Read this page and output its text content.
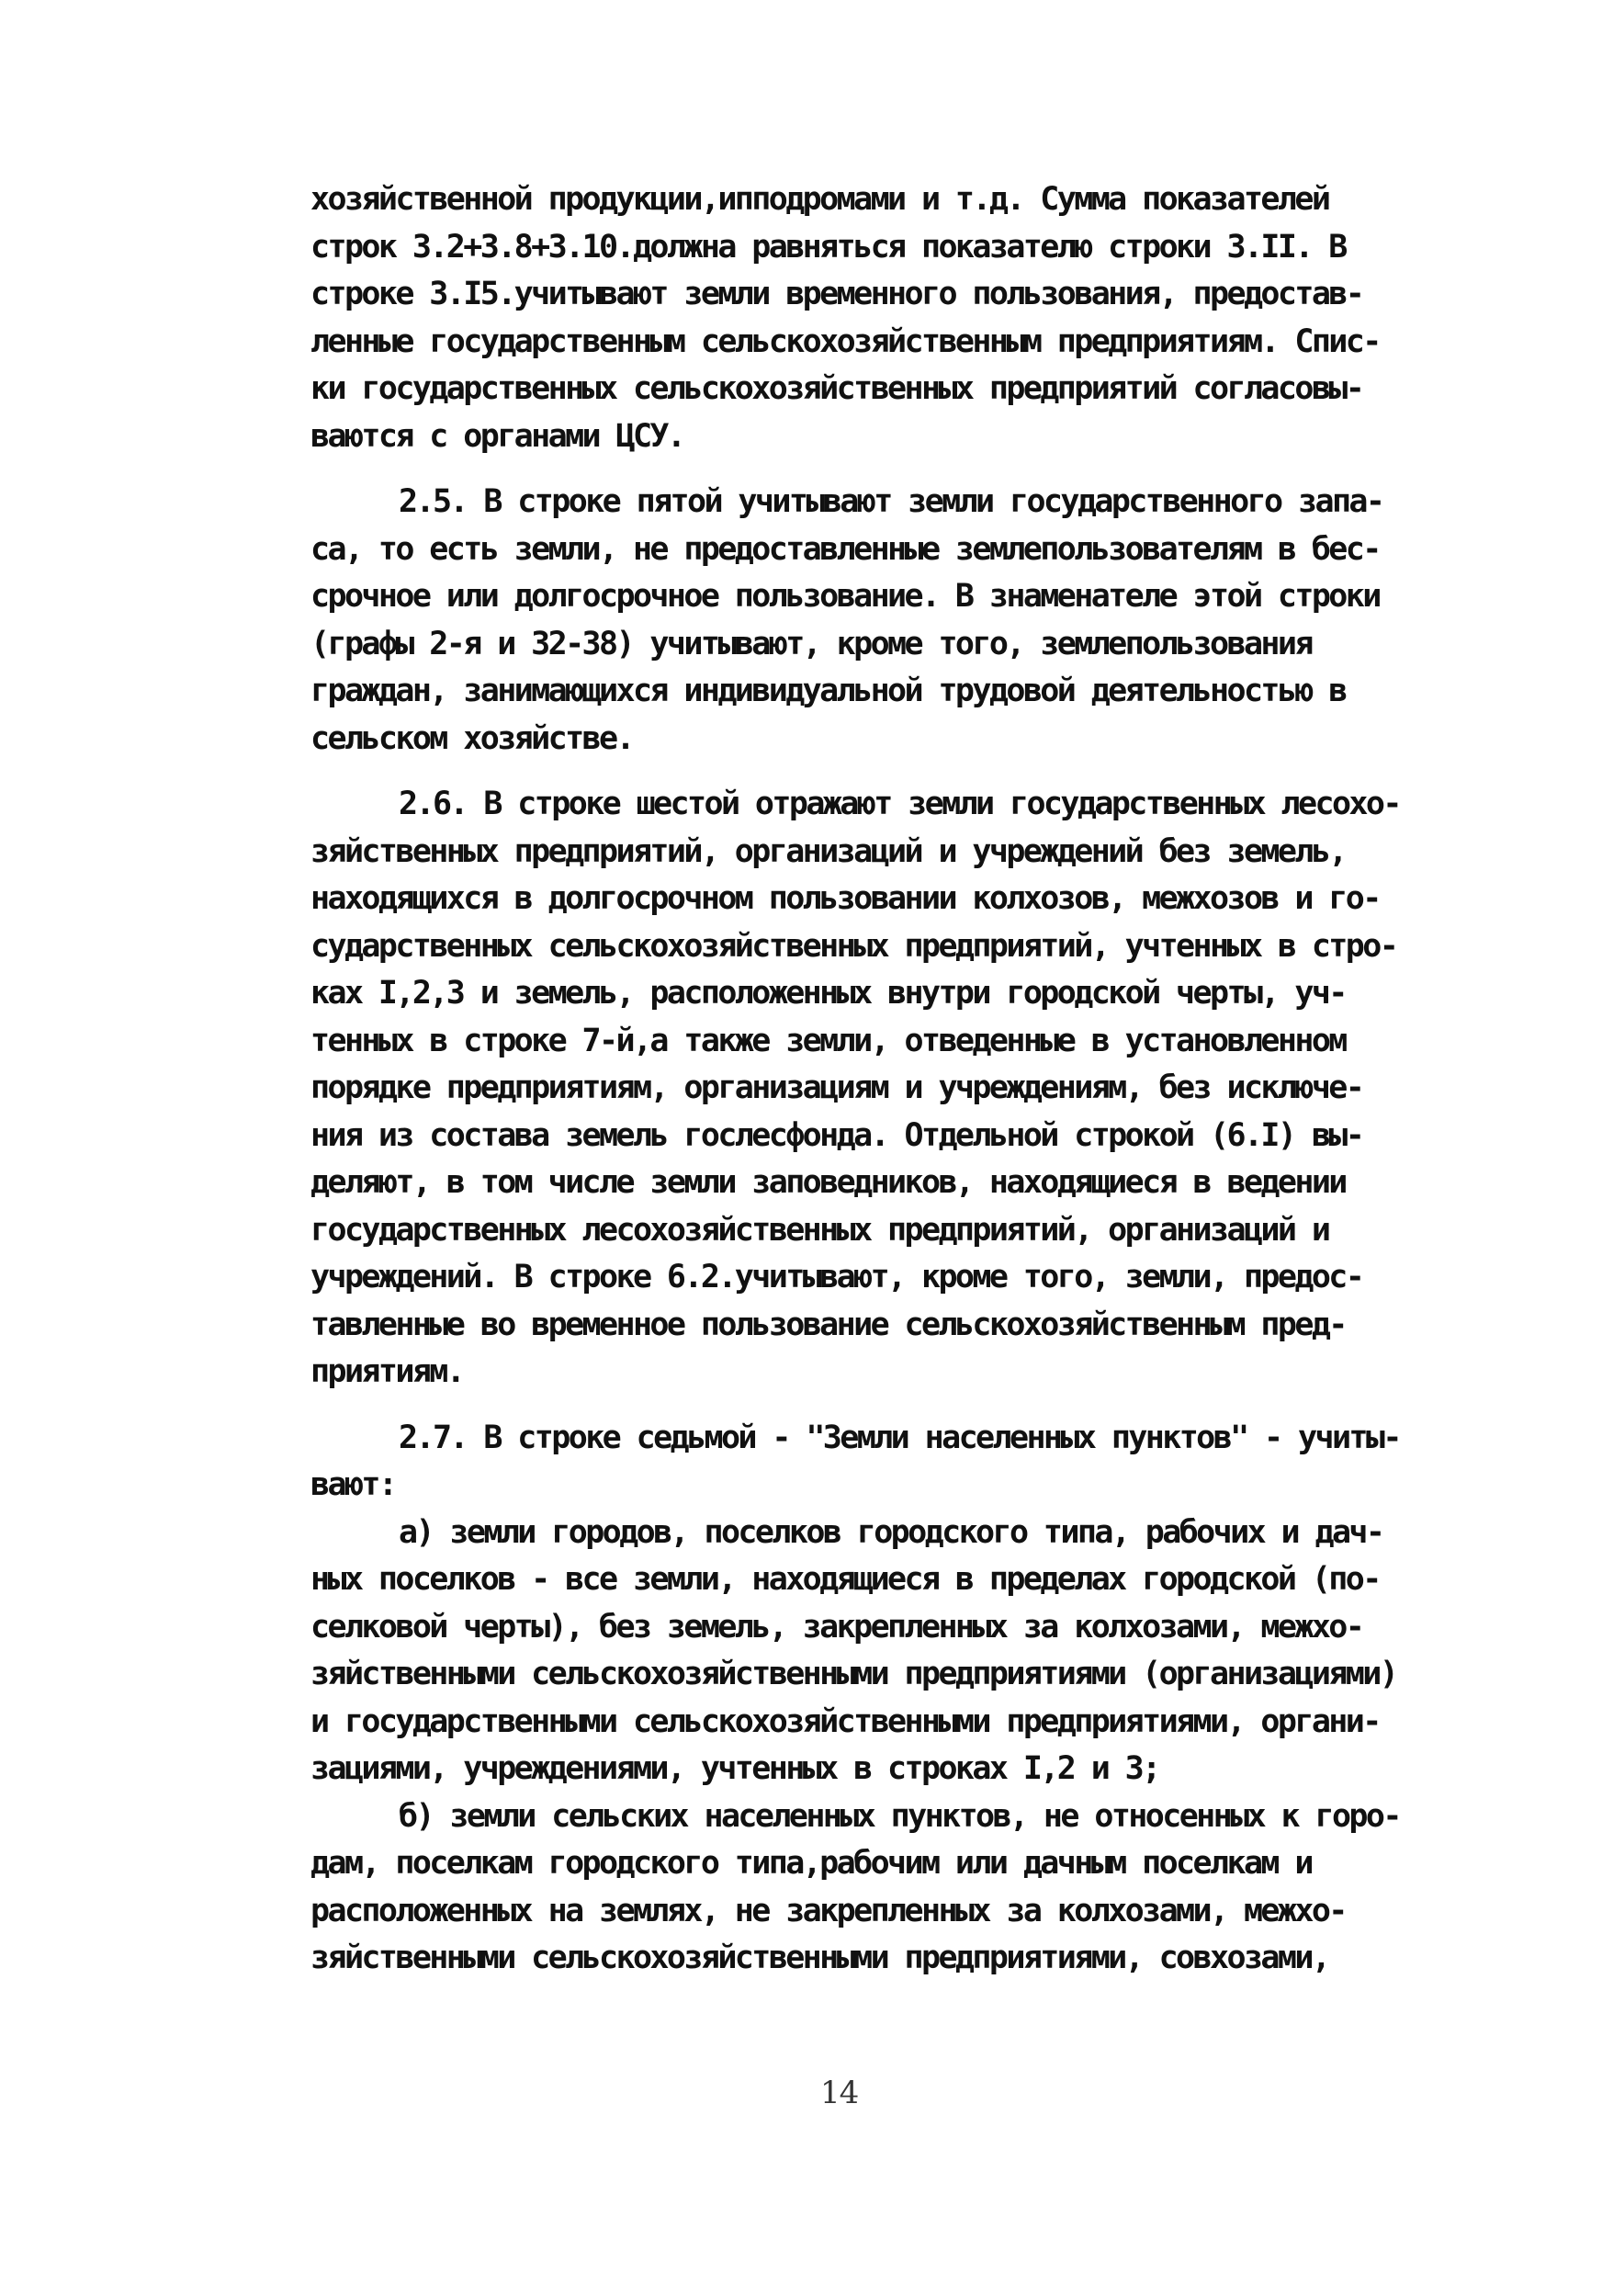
хозяйственной продукции,ипподромами и т.д. Сумма показателей
строк 3.2+3.8+3.10.должна равняться показателю строки 3.II. В
строке 3.I5.учитывают земли временного пользования, предостав-
ленные государственным сельскохозяйственным предприятиям. Спис-
ки государственных сельскохозяйственных предприятий согласовы-
ваются с органами ЦСУ.
2.5. В строке пятой учитывают земли государственного запа-
са, то есть земли, не предоставленные землепользователям в бес-
срочное или долгосрочное пользование. В знаменателе этой строки
(графы 2-я и 32-38) учитывают, кроме того, землепользования
граждан, занимающихся индивидуальной трудовой деятельностью в
сельском хозяйстве.
2.6. В строке шестой отражают земли государственных лесохо-
зяйственных предприятий, организаций и учреждений без земель,
находящихся в долгосрочном пользовании колхозов, межхозов и го-
сударственных сельскохозяйственных предприятий, учтенных в стро-
ках I,2,3 и земель, расположенных внутри городской черты, уч-
тенных в строке 7-й,а также земли, отведенные в установленном
порядке предприятиям, организациям и учреждениям, без исключе-
ния из состава земель гослесфонда. Отдельной строкой (6.I) вы-
деляют, в том числе земли заповедников, находящиеся в ведении
государственных лесохозяйственных предприятий, организаций и
учреждений. В строке 6.2.учитывают, кроме того, земли, предос-
тавленные во временное пользование сельскохозяйственным пред-
приятиям.
2.7. В строке седьмой - "Земли населенных пунктов" - учиты-
вают:
а) земли городов, поселков городского типа, рабочих и дач-
ных поселков - все земли, находящиеся в пределах городской (по-
селковой черты), без земель, закрепленных за колхозами, межхо-
зяйственными сельскохозяйственными предприятиями (организациями)
и государственными сельскохозяйственными предприятиями, органи-
зациями, учреждениями, учтенных в строках I,2 и 3;
б) земли сельских населенных пунктов, не относенных к горо-
дам, поселкам городского типа,рабочим или дачным поселкам и
расположенных на землях, не закрепленных за колхозами, межхо-
зяйственными сельскохозяйственными предприятиями, совхозами,
14
